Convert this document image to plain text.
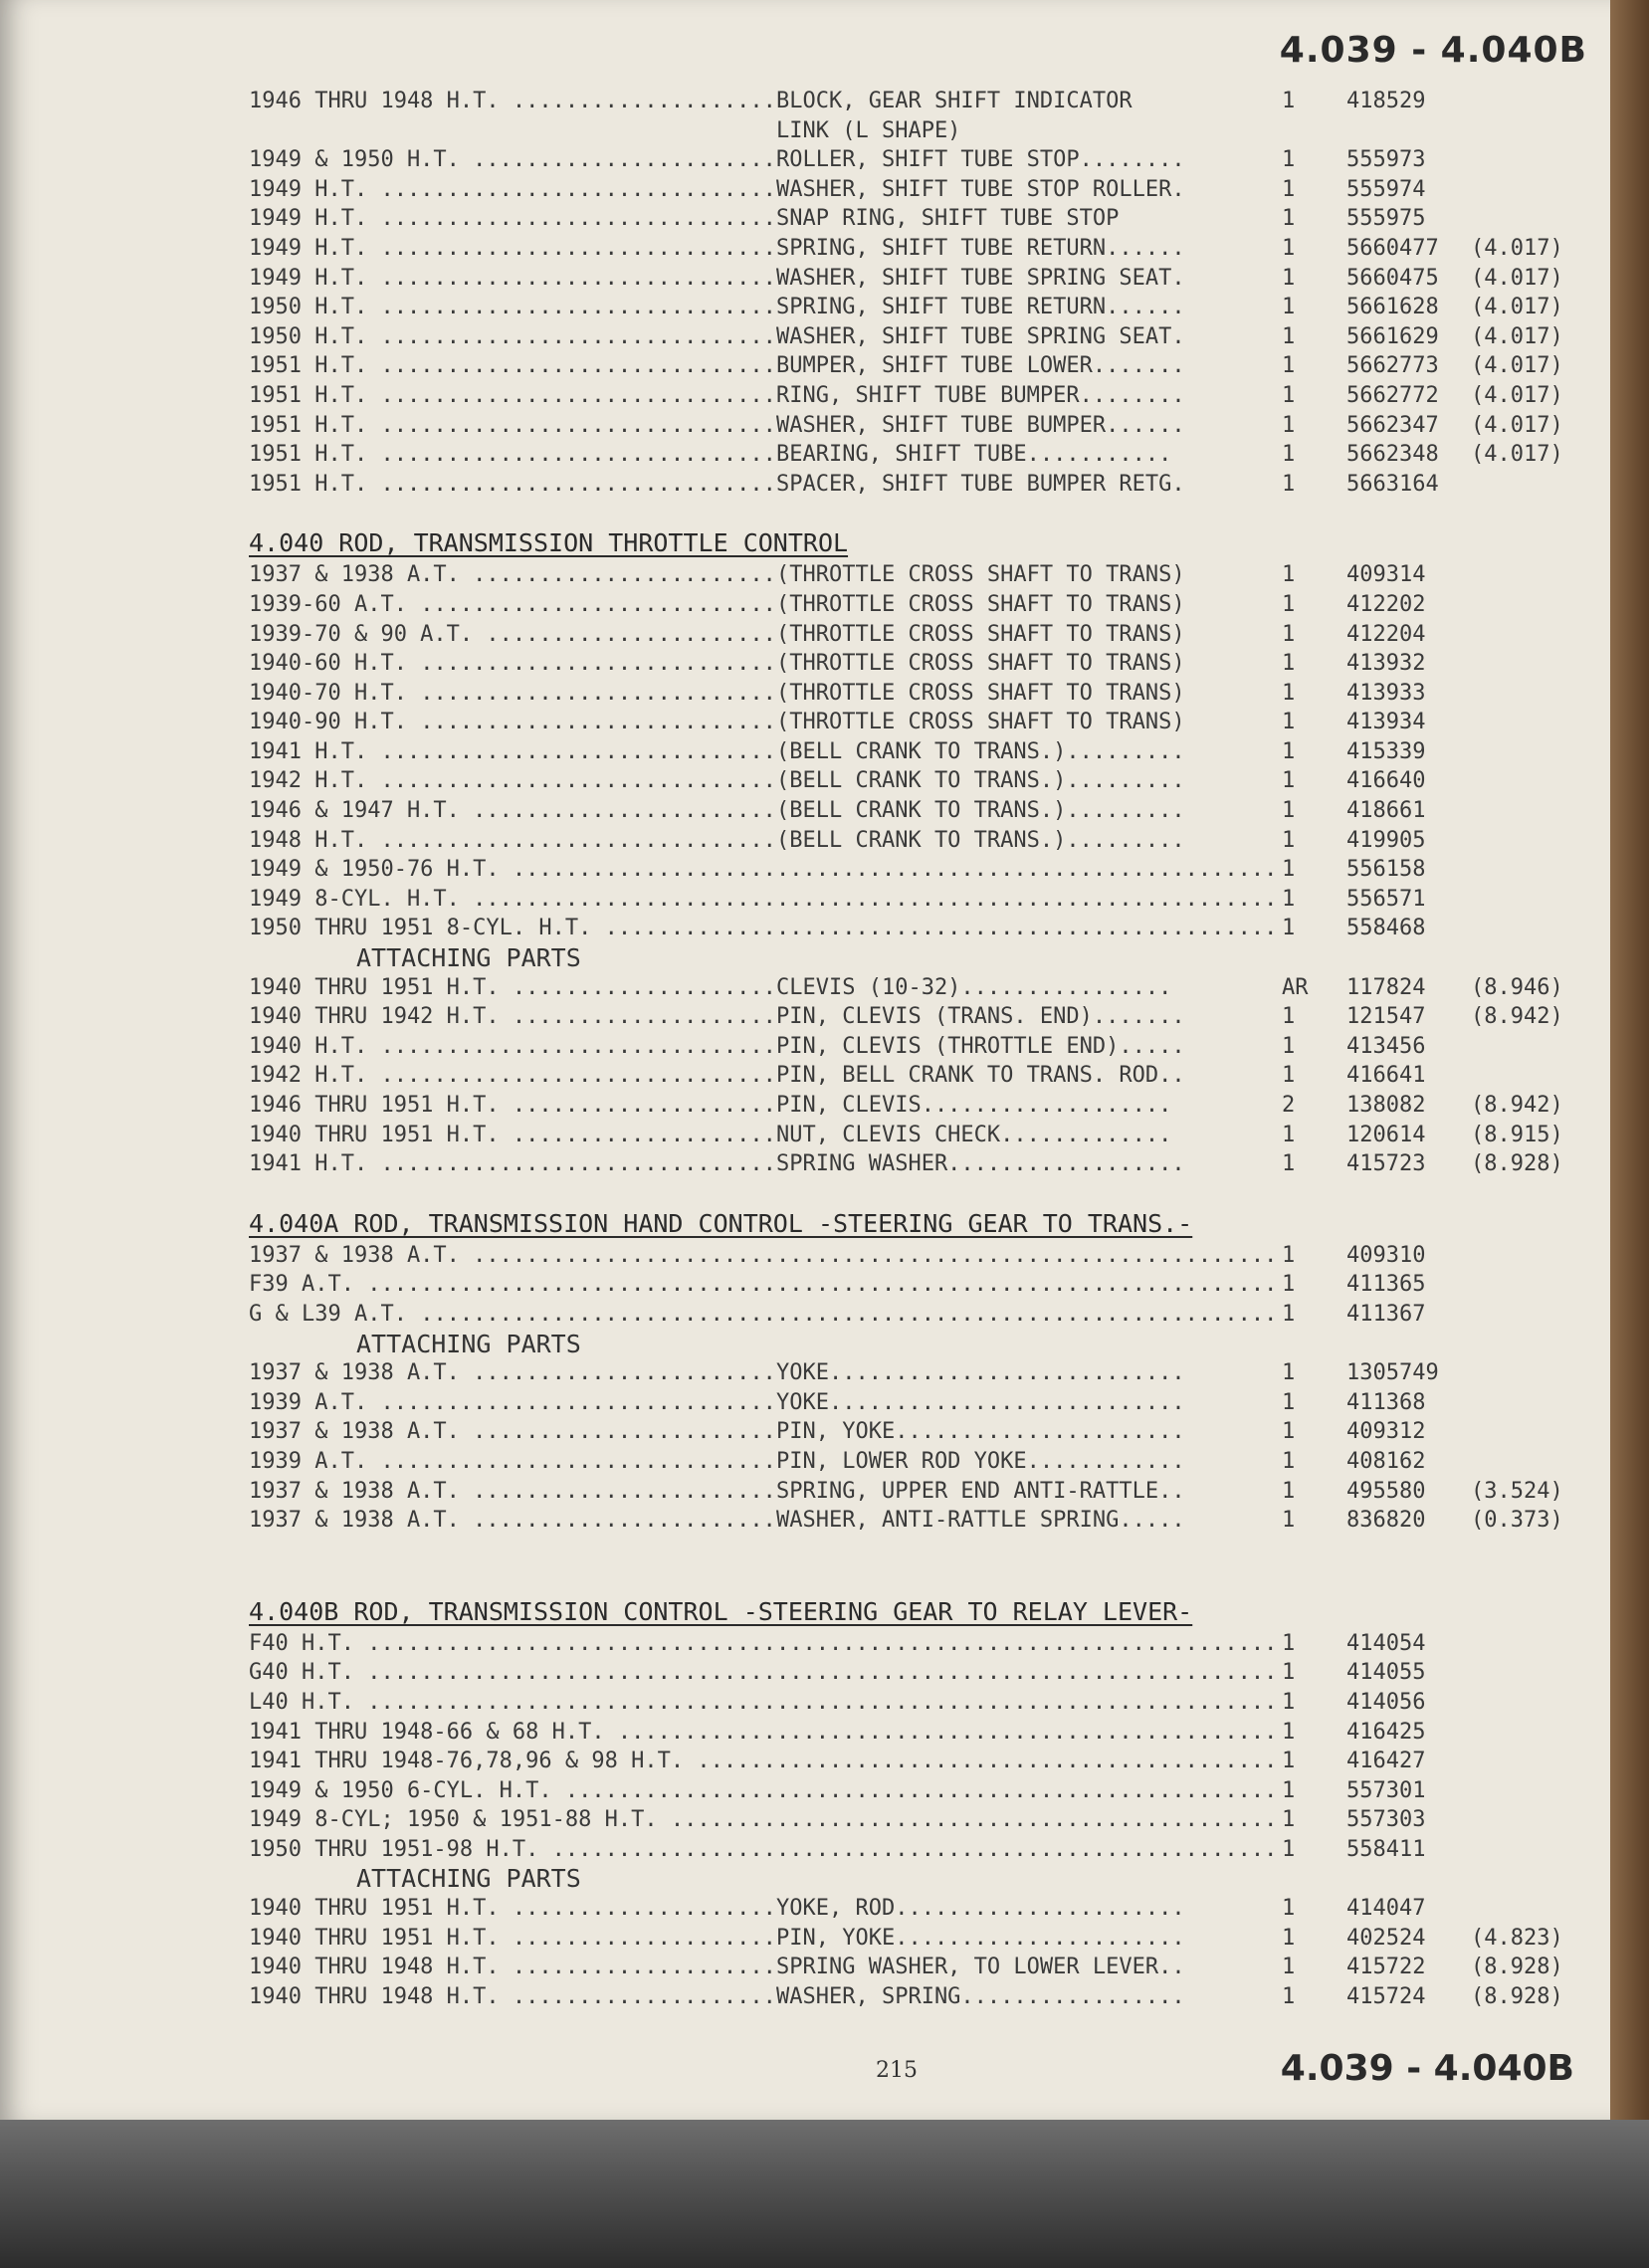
4.039 - 4.040B
1946 THRU 1948 H.T. .....	BLOCK, GEAR SHIFT INDICATOR	1	418529
LINK (L SHAPE)
1949 & 1950 H.T. .....	ROLLER, SHIFT TUBE STOP........	1	555973
1949 H.T. .....	WASHER, SHIFT TUBE STOP ROLLER.	1	555974
1949 H.T. .....	SNAP RING, SHIFT TUBE STOP	1	555975
1949 H.T. .....	SPRING, SHIFT TUBE RETURN......	1	5660477	(4.017)
1949 H.T. .....	WASHER, SHIFT TUBE SPRING SEAT.	1	5660475	(4.017)
1950 H.T. .....	SPRING, SHIFT TUBE RETURN......	1	5661628	(4.017)
1950 H.T. .....	WASHER, SHIFT TUBE SPRING SEAT.	1	5661629	(4.017)
1951 H.T. .....	BUMPER, SHIFT TUBE LOWER.......	1	5662773	(4.017)
1951 H.T. .....	RING, SHIFT TUBE BUMPER........	1	5662772	(4.017)
1951 H.T. .....	WASHER, SHIFT TUBE BUMPER......	1	5662347	(4.017)
1951 H.T. .....	BEARING, SHIFT TUBE...........	1	5662348	(4.017)
1951 H.T. .....	SPACER, SHIFT TUBE BUMPER RETG.	1	5663164
4.040 ROD, TRANSMISSION THROTTLE CONTROL
1937 & 1938 A.T. .....	(THROTTLE CROSS SHAFT TO TRANS)	1	409314
1939-60 A.T. .....	(THROTTLE CROSS SHAFT TO TRANS)	1	412202
1939-70 & 90 A.T. .....	(THROTTLE CROSS SHAFT TO TRANS)	1	412204
1940-60 H.T. .....	(THROTTLE CROSS SHAFT TO TRANS)	1	413932
1940-70 H.T. .....	(THROTTLE CROSS SHAFT TO TRANS)	1	413933
1940-90 H.T. .....	(THROTTLE CROSS SHAFT TO TRANS)	1	413934
1941 H.T. .....	(BELL CRANK TO TRANS.).........	1	415339
1942 H.T. .....	(BELL CRANK TO TRANS.).........	1	416640
1946 & 1947 H.T. .....	(BELL CRANK TO TRANS.).........	1	418661
1948 H.T. .....	(BELL CRANK TO TRANS.).........	1	419905
1949 & 1950-76 H.T. ..... .....	1	556158
1949 8-CYL. H.T. ..... .....	1	556571
1950 THRU 1951 8-CYL. H.T. ..... .....	1	558468
ATTACHING PARTS
1940 THRU 1951 H.T. .....	CLEVIS (10-32)................	AR	117824	(8.946)
1940 THRU 1942 H.T. .....	PIN, CLEVIS (TRANS. END).......	1	121547	(8.942)
1940 H.T. .....	PIN, CLEVIS (THROTTLE END).....	1	413456
1942 H.T. .....	PIN, BELL CRANK TO TRANS. ROD..	1	416641
1946 THRU 1951 H.T. .....	PIN, CLEVIS...................	2	138082	(8.942)
1940 THRU 1951 H.T. .....	NUT, CLEVIS CHECK.............	1	120614	(8.915)
1941 H.T. .....	SPRING WASHER..................	1	415723	(8.928)
4.040A ROD, TRANSMISSION HAND CONTROL -STEERING GEAR TO TRANS.-
1937 & 1938 A.T. ..... .....	1	409310
F39 A.T. ..... .....	1	411365
G & L39 A.T. ..... .....	1	411367
ATTACHING PARTS
1937 & 1938 A.T. .....	YOKE...........................	1	1305749
1939 A.T. .....	YOKE...........................	1	411368
1937 & 1938 A.T. .....	PIN, YOKE......................	1	409312
1939 A.T. .....	PIN, LOWER ROD YOKE............	1	408162
1937 & 1938 A.T. .....	SPRING, UPPER END ANTI-RATTLE..	1	495580	(3.524)
1937 & 1938 A.T. .....	WASHER, ANTI-RATTLE SPRING.....	1	836820	(0.373)
4.040B ROD, TRANSMISSION CONTROL -STEERING GEAR TO RELAY LEVER-
F40 H.T. ..... .....	1	414054
G40 H.T. ..... .....	1	414055
L40 H.T. ..... .....	1	414056
1941 THRU 1948-66 & 68 H.T. ..... .....	1	416425
1941 THRU 1948-76,78,96 & 98 H.T. ..... .....	1	416427
1949 & 1950 6-CYL. H.T. ..... .....	1	557301
1949 8-CYL; 1950 & 1951-88 H.T. ..... .....	1	557303
1950 THRU 1951-98 H.T. ..... .....	1	558411
ATTACHING PARTS
1940 THRU 1951 H.T. .....	YOKE, ROD......................	1	414047
1940 THRU 1951 H.T. .....	PIN, YOKE......................	1	402524	(4.823)
1940 THRU 1948 H.T. .....	SPRING WASHER, TO LOWER LEVER..	1	415722	(8.928)
1940 THRU 1948 H.T. .....	WASHER, SPRING.................	1	415724	(8.928)
215	4.039 - 4.040B
